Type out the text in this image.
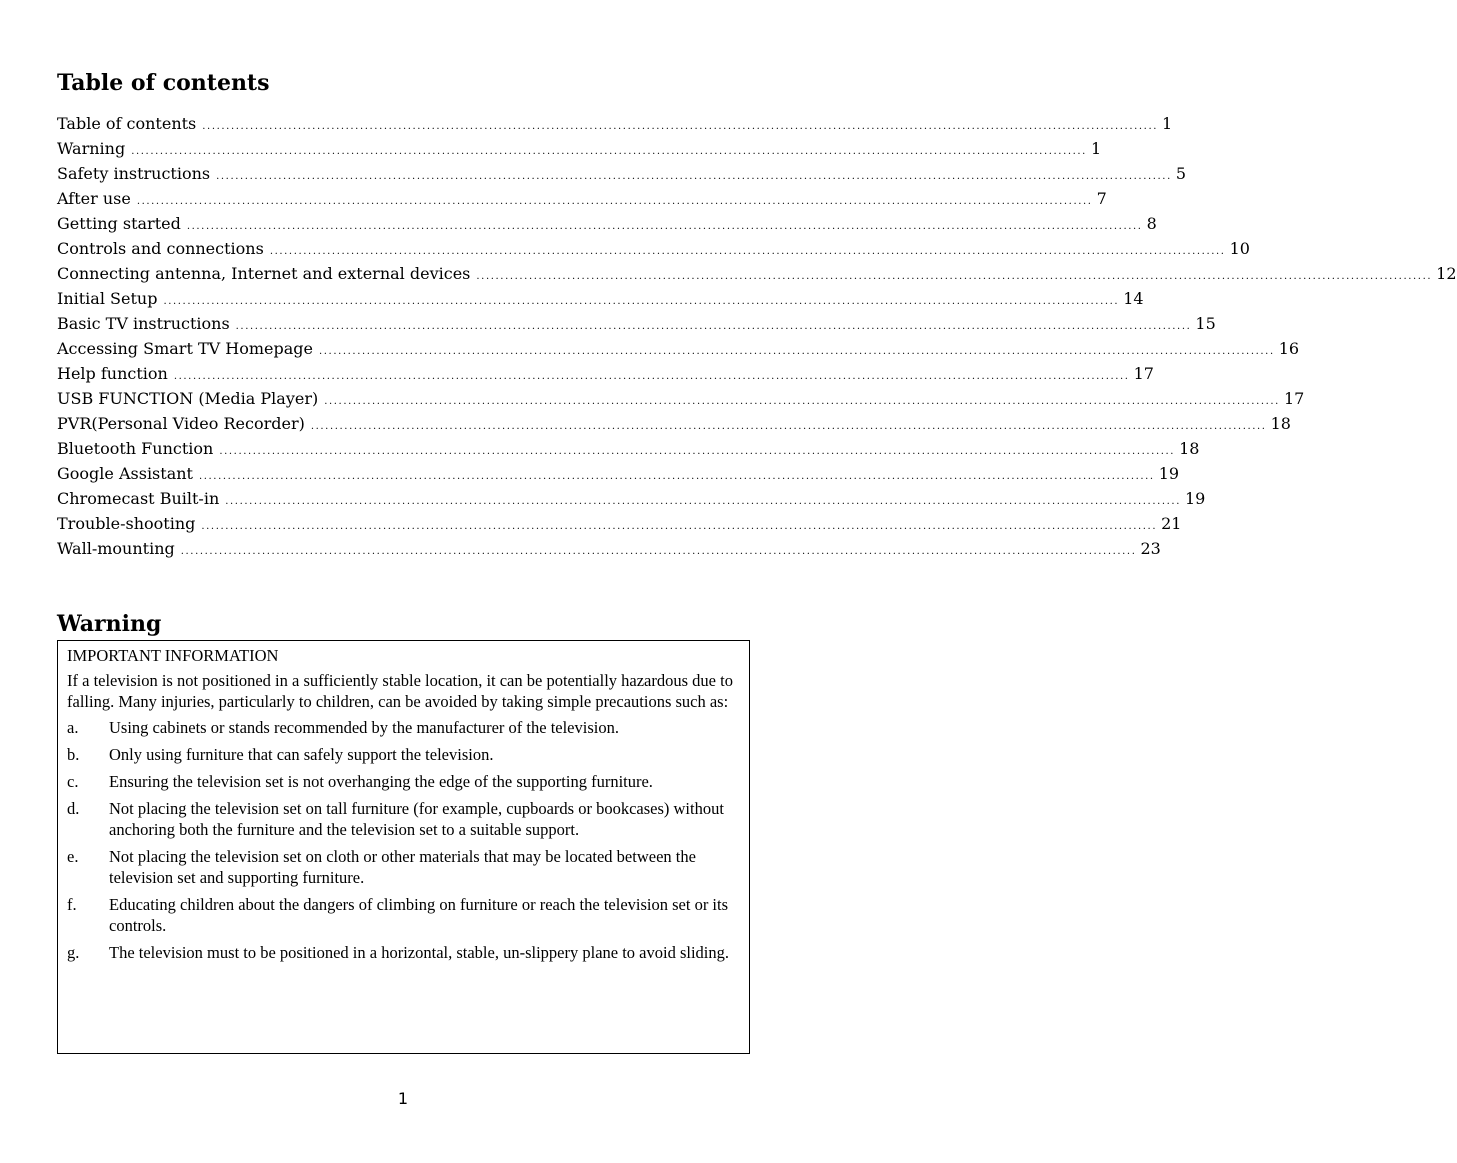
Table of contents
Table of contents ........................................................................................................................................................................................................ 1
Warning ........................................................................................................................................................................................................ 1
Safety instructions ........................................................................................................................................................................................................ 5
After use ........................................................................................................................................................................................................ 7
Getting started ........................................................................................................................................................................................................ 8
Controls and connections ........................................................................................................................................................................................................ 10
Connecting antenna, Internet and external devices ........................................................................................................................................................................................................ 12
Initial Setup ........................................................................................................................................................................................................ 14
Basic TV instructions ........................................................................................................................................................................................................ 15
Accessing Smart TV Homepage ........................................................................................................................................................................................................ 16
Help function ........................................................................................................................................................................................................ 17
USB FUNCTION (Media Player) ........................................................................................................................................................................................................ 17
PVR(Personal Video Recorder) ........................................................................................................................................................................................................ 18
Bluetooth Function ........................................................................................................................................................................................................ 18
Google Assistant ........................................................................................................................................................................................................ 19
Chromecast Built-in ........................................................................................................................................................................................................ 19
Trouble-shooting ........................................................................................................................................................................................................ 21
Wall-mounting ........................................................................................................................................................................................................ 23
Warning

IMPORTANT INFORMATION

If a television is not positioned in a sufficiently stable location, it can be potentially hazardous due to falling. Many injuries, particularly to children, can be avoided by taking simple precautions such as:

a.	Using cabinets or stands recommended by the manufacturer of the television.
b.	Only using furniture that can safely support the television.
c.	Ensuring the television set is not overhanging the edge of the supporting furniture.
d.	Not placing the television set on tall furniture (for example, cupboards or bookcases) without anchoring both the furniture and the television set to a suitable support.
e.	Not placing the television set on cloth or other materials that may be located between the television set and supporting furniture.
f.	Educating children about the dangers of climbing on furniture or reach the television set or its controls.
g.	The television must to be positioned in a horizontal, stable, un-slippery plane to avoid sliding.
1
